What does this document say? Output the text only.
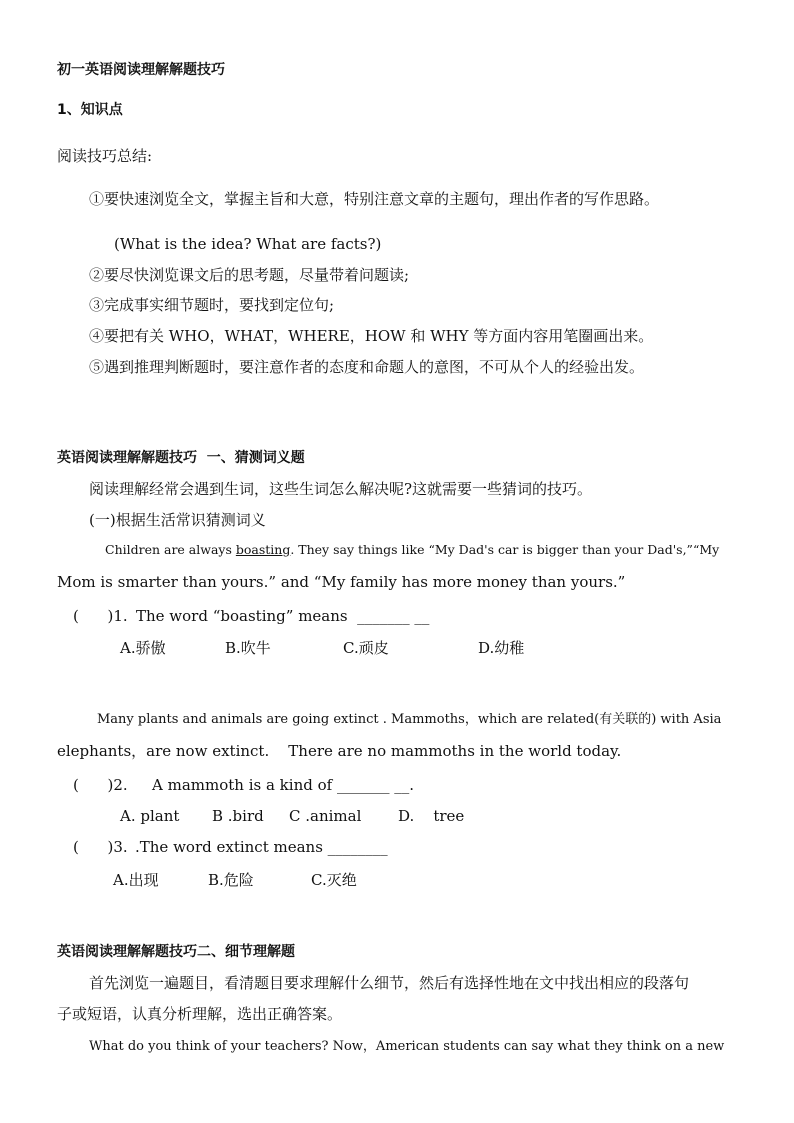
初一英语阅读理解解题技巧
1、知识点
阅读技巧总结:
①要快速浏览全文，掌握主旨和大意，特别注意文章的主题句，理出作者的写作思路。
(What is the idea? What are facts?)
②要尽快浏览课文后的思考题，尽量带着问题读;
③完成事实细节题时，要找到定位句;
④要把有关 WHO，WHAT，WHERE，HOW 和 WHY 等方面内容用笔圈画出来。
⑤遇到推理判断题时，要注意作者的态度和命题人的意图，不可从个人的经验出发。
英语阅读理解解题技巧  一、猜测词义题
阅读理解经常会遇到生词，这些生词怎么解决呢?这就需要一些猜词的技巧。
(一)根据生活常识猜测词义
Children are always boasting. They say things like “My Dad's car is bigger than your Dad's,”“My
Mom is smarter than yours.” and “My family has more money than yours.”
(      )1. The word “boasting” means  _______ __
A.骄傲	B.吹牛	C.顽皮	D.幼稚
Many plants and animals are going extinct . Mammoths，which are related(有关联的) with Asia
elephants，are now extinct.    There are no mammoths in the world today.
(      )2. A mammoth is a kind of _______ __.
A. plant B .bird C .animal D.    tree
(      )3. .The word extinct means ________
A.出现	B.危险	C.灭绝
英语阅读理解解题技巧二、细节理解题
首先浏览一遍题目，看清题目要求理解什么细节，然后有选择性地在文中找出相应的段落句
子或短语，认真分析理解，选出正确答案。
What do you think of your teachers? Now，American students can say what they think on a new
